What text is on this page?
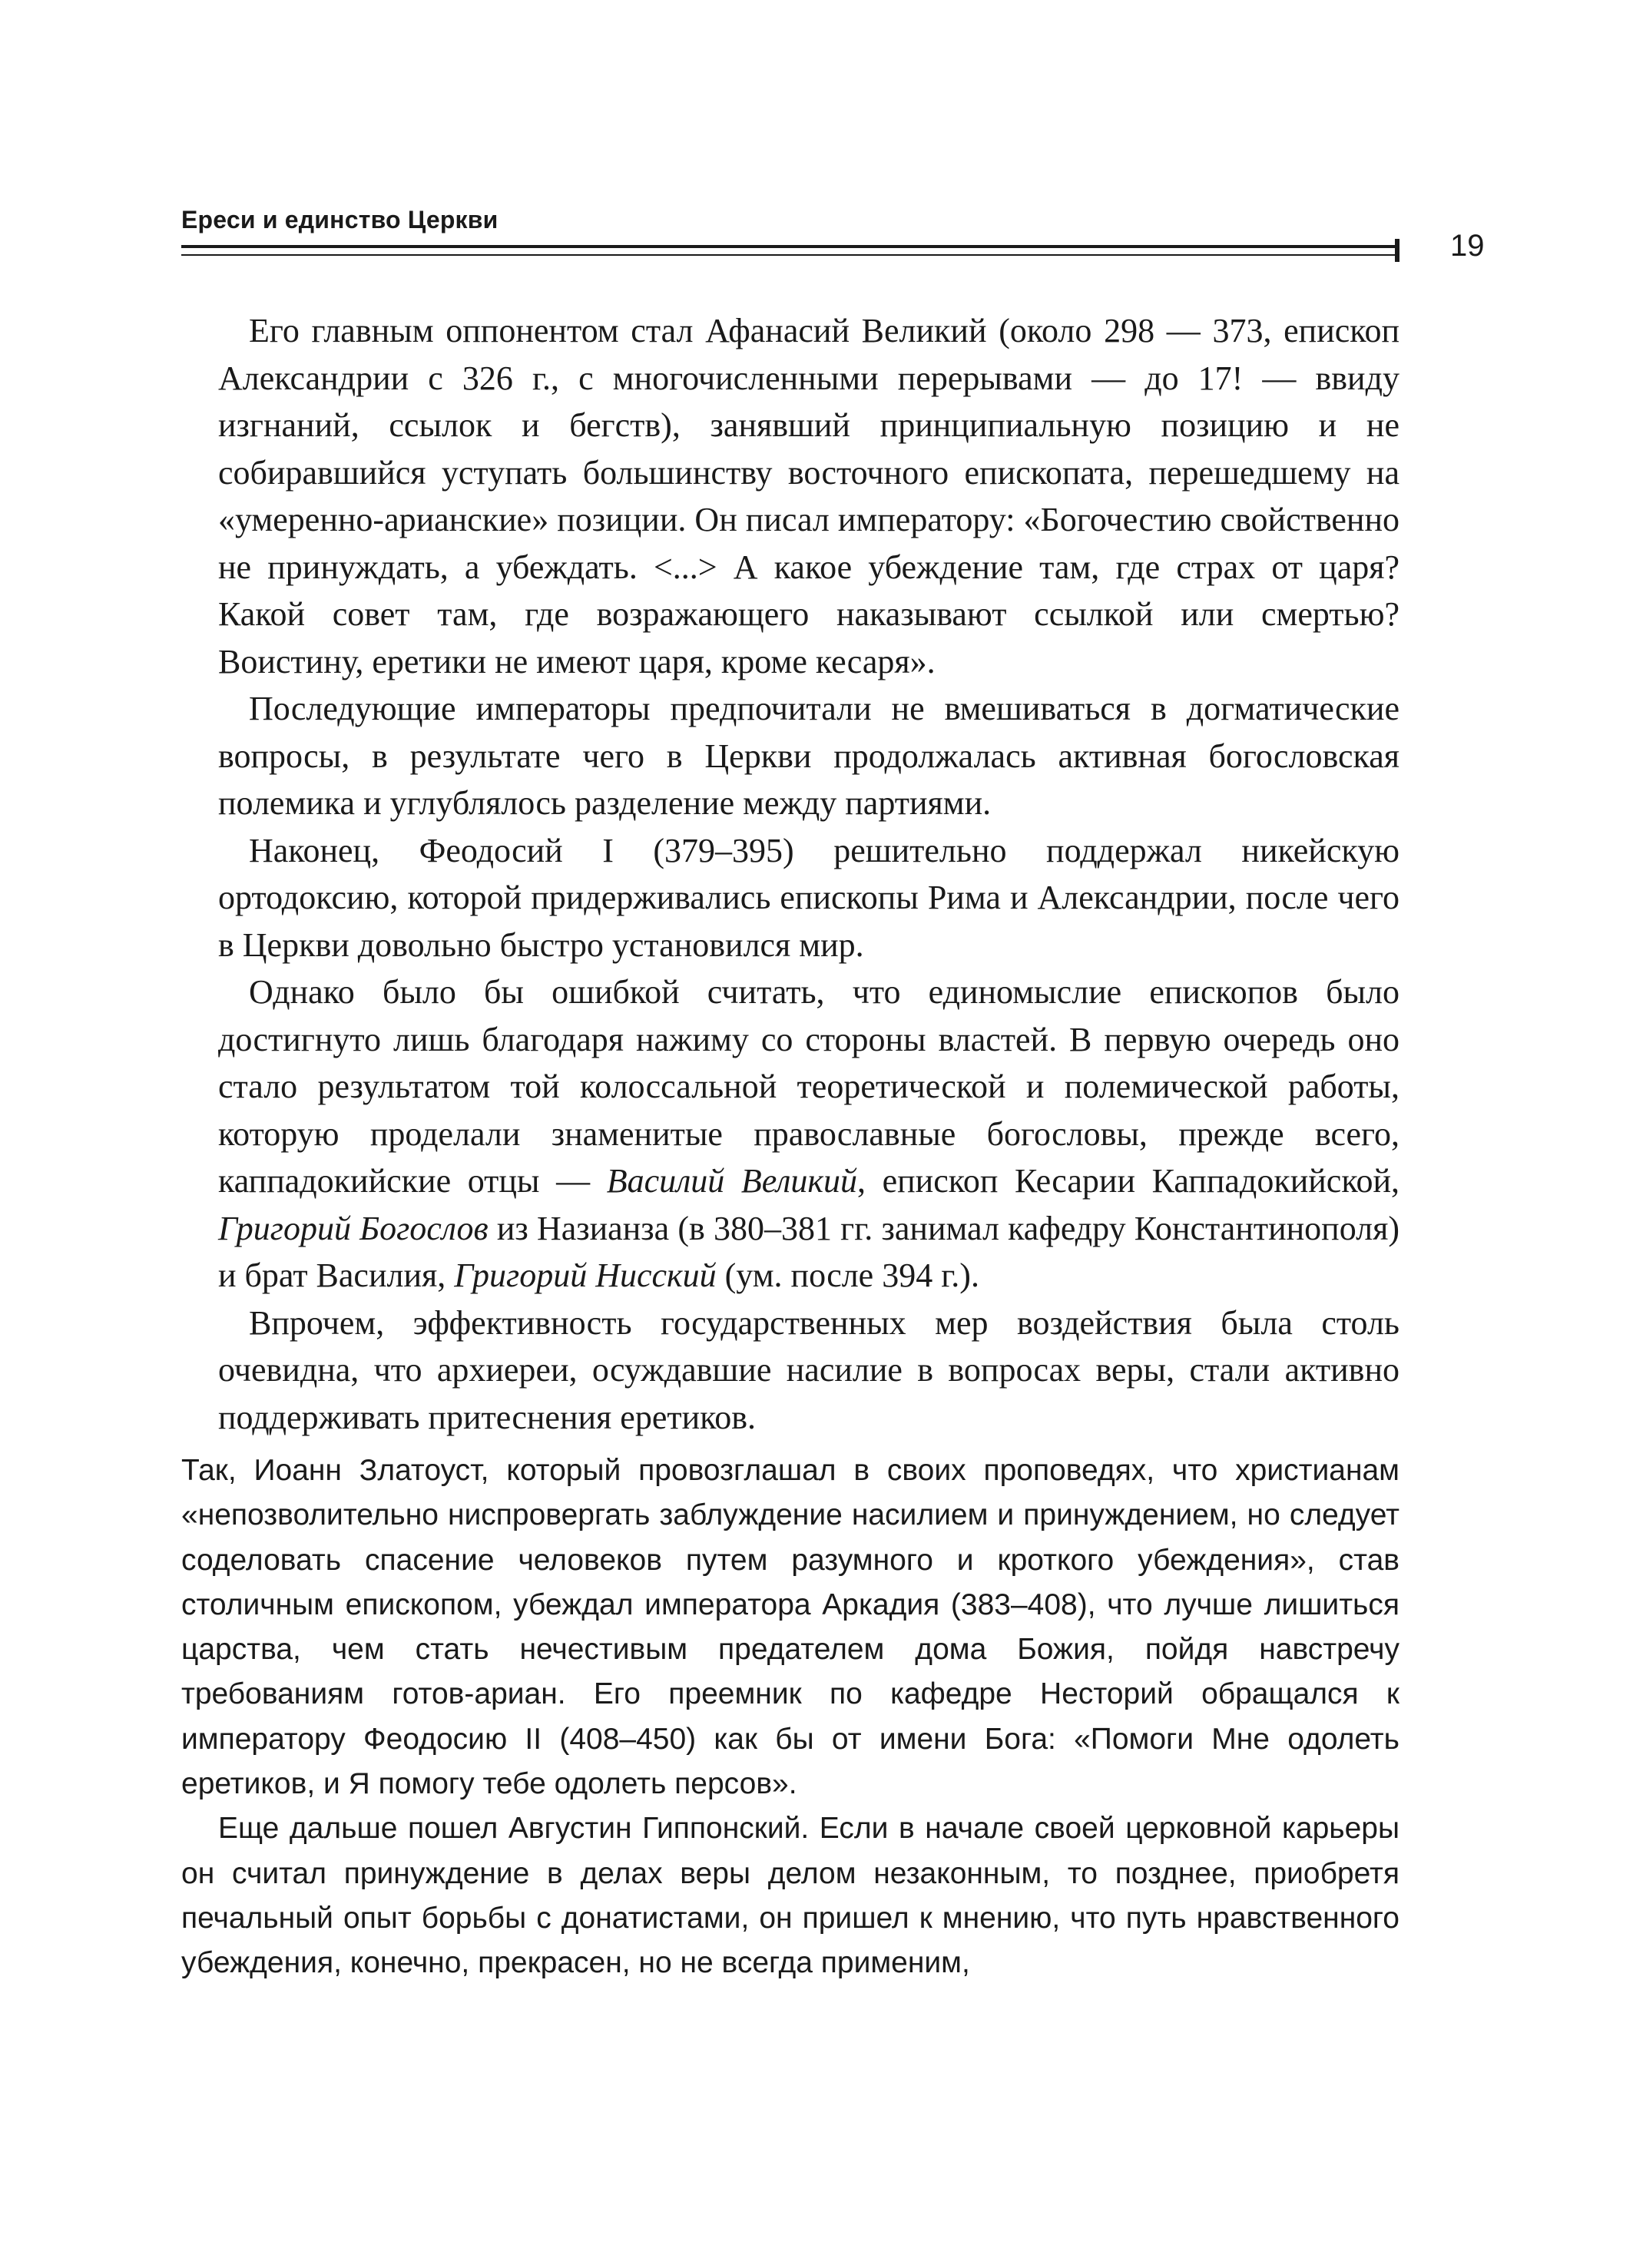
Ереси и единство Церкви
19

Его главным оппонентом стал Афанасий Великий (около 298 — 373, епископ Александрии с 326 г., с многочисленными перерывами — до 17! — ввиду изгнаний, ссылок и бегств), занявший принципиальную позицию и не собиравшийся уступать большинству восточного епископата, перешедшему на «умеренно-арианские» позиции. Он писал императору: «Богочестию свойственно не принуждать, а убеждать. <...> А какое убеждение там, где страх от царя? Какой совет там, где возражающего наказывают ссылкой или смертью? Воистину, еретики не имеют царя, кроме кесаря».

Последующие императоры предпочитали не вмешиваться в догматические вопросы, в результате чего в Церкви продолжалась активная богословская полемика и углублялось разделение между партиями.

Наконец, Феодосий I (379–395) решительно поддержал никейскую ортодоксию, которой придерживались епископы Рима и Александрии, после чего в Церкви довольно быстро установился мир.

Однако было бы ошибкой считать, что единомыслие епископов было достигнуто лишь благодаря нажиму со стороны властей. В первую очередь оно стало результатом той колоссальной теоретической и полемической работы, которую проделали знаменитые православные богословы, прежде всего, каппадокийские отцы — Василий Великий, епископ Кесарии Каппадокийской, Григорий Богослов из Назианза (в 380–381 гг. занимал кафедру Константинополя) и брат Василия, Григорий Нисский (ум. после 394 г.).

Впрочем, эффективность государственных мер воздействия была столь очевидна, что архиереи, осуждавшие насилие в вопросах веры, стали активно поддерживать притеснения еретиков.

Так, Иоанн Златоуст, который провозглашал в своих проповедях, что христианам «непозволительно ниспровергать заблуждение насилием и принуждением, но следует соделовать спасение человеков путем разумного и кроткого убеждения», став столичным епископом, убеждал императора Аркадия (383–408), что лучше лишиться царства, чем стать нечестивым предателем дома Божия, пойдя навстречу требованиям готов-ариан. Его преемник по кафедре Несторий обращался к императору Феодосию II (408–450) как бы от имени Бога: «Помоги Мне одолеть еретиков, и Я помогу тебе одолеть персов».

Еще дальше пошел Августин Гиппонский. Если в начале своей церковной карьеры он считал принуждение в делах веры делом незаконным, то позднее, приобретя печальный опыт борьбы с донатистами, он пришел к мнению, что путь нравственного убеждения, конечно, прекрасен, но не всегда применим,
